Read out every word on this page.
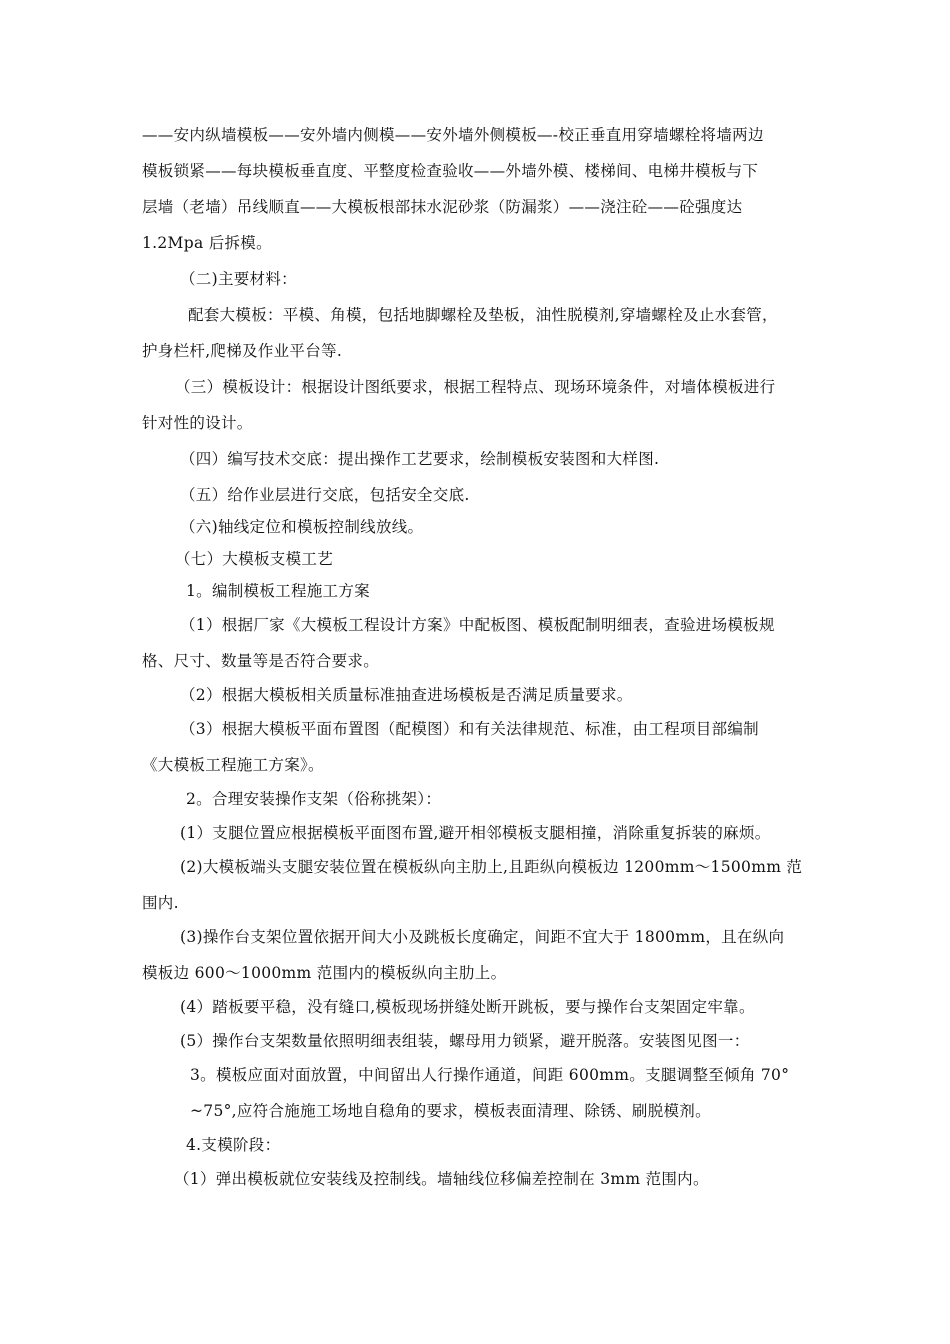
——安内纵墙模板——安外墙内侧模——安外墙外侧模板—-校正垂直用穿墙螺栓将墙两边
模板锁紧——每块模板垂直度、平整度检查验收——外墙外模、楼梯间、电梯井模板与下
层墙（老墙）吊线顺直——大模板根部抹水泥砂浆（防漏浆）——浇注砼——砼强度达
1.2Mpa 后拆模。
（二)主要材料：
配套大模板：平模、角模，包括地脚螺栓及垫板，油性脱模剂,穿墙螺栓及止水套管，
护身栏杆,爬梯及作业平台等.
（三）模板设计：根据设计图纸要求，根据工程特点、现场环境条件，对墙体模板进行
针对性的设计。
（四）编写技术交底：提出操作工艺要求，绘制模板安装图和大样图.
（五）给作业层进行交底，包括安全交底.
（六)轴线定位和模板控制线放线。
（七）大模板支模工艺
1。编制模板工程施工方案
（1）根据厂家《大模板工程设计方案》中配板图、模板配制明细表，查验进场模板规
格、尺寸、数量等是否符合要求。
（2）根据大模板相关质量标准抽查进场模板是否满足质量要求。
（3）根据大模板平面布置图（配模图）和有关法律规范、标准，由工程项目部编制
《大模板工程施工方案》。
2。合理安装操作支架（俗称挑架）：
(1）支腿位置应根据模板平面图布置,避开相邻模板支腿相撞，消除重复拆装的麻烦。
(2)大模板端头支腿安装位置在模板纵向主肋上,且距纵向模板边 1200mm～1500mm 范
围内.
(3)操作台支架位置依据开间大小及跳板长度确定，间距不宜大于 1800mm，且在纵向
模板边 600～1000mm 范围内的模板纵向主肋上。
(4）踏板要平稳，没有缝口,模板现场拼缝处断开跳板，要与操作台支架固定牢靠。
(5）操作台支架数量依照明细表组装，螺母用力锁紧，避开脱落。安装图见图一：
3。模板应面对面放置，中间留出人行操作通道，间距 600mm。支腿调整至倾角 70°
~75°,应符合施施工场地自稳角的要求，模板表面清理、除锈、刷脱模剂。
4.支模阶段：
（1）弹出模板就位安装线及控制线。墙轴线位移偏差控制在 3mm 范围内。
